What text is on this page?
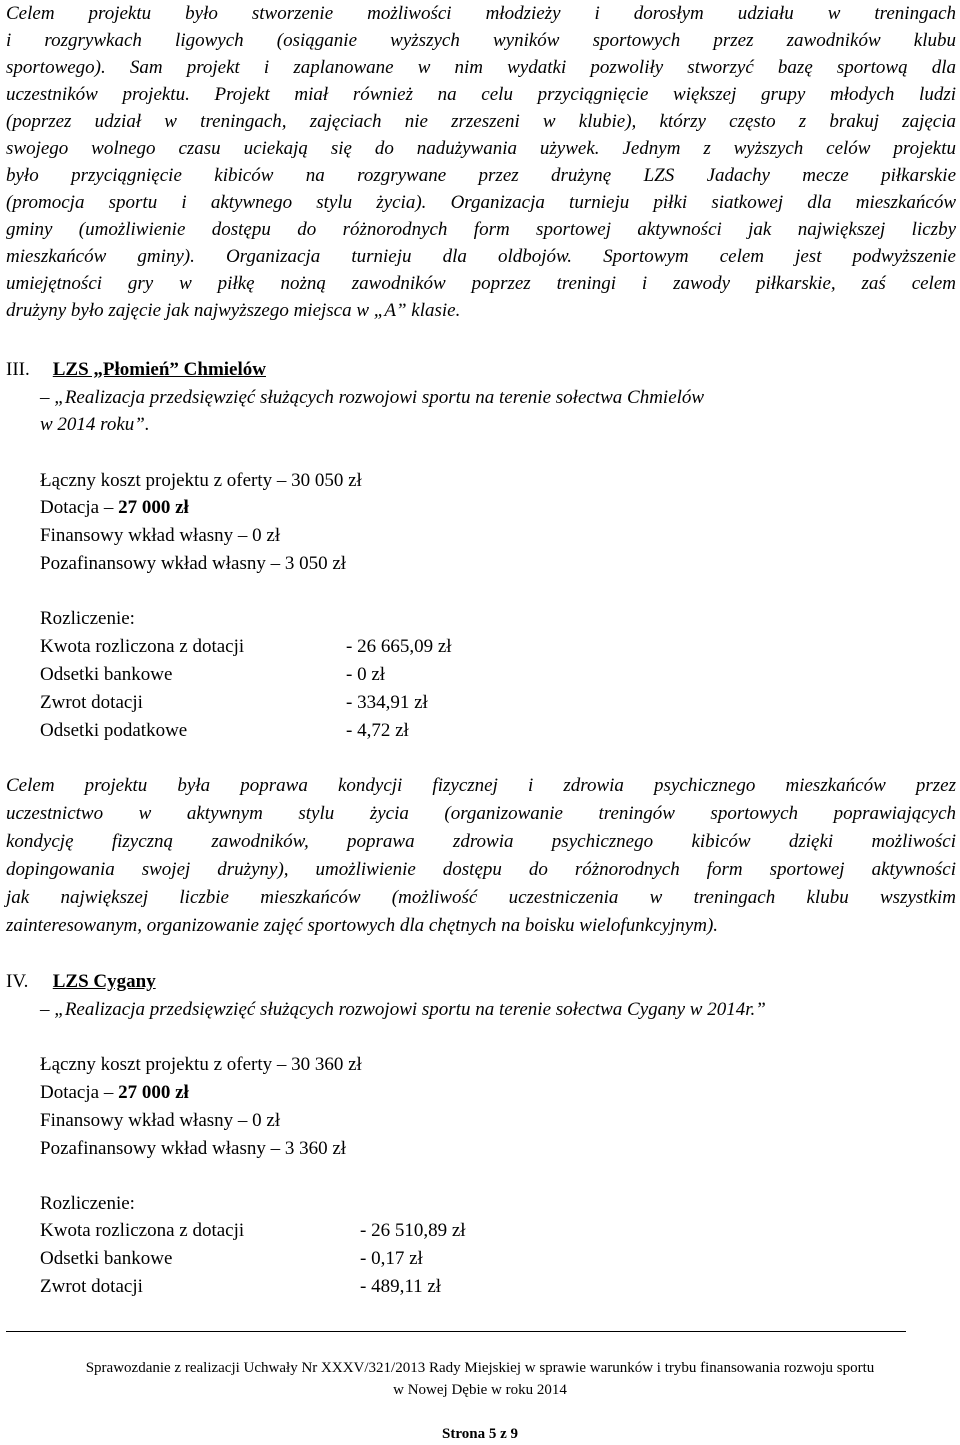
Celem projektu było stworzenie możliwości młodzieży i dorosłym udziału w treningach
i rozgrywkach ligowych (osiąganie wyższych wyników sportowych przez zawodników klubu
sportowego). Sam projekt i zaplanowane w nim wydatki pozwoliły stworzyć bazę sportową dla
uczestników projektu. Projekt miał również na celu przyciągnięcie większej grupy młodych ludzi
(poprzez udział w treningach, zajęciach nie zrzeszeni w klubie), którzy często z brakuj zajęcia
swojego wolnego czasu uciekają się do nadużywania używek. Jednym z wyższych celów projektu
było przyciągnięcie kibiców na rozgrywane przez drużynę LZS Jadachy mecze piłkarskie
(promocja sportu i aktywnego stylu życia). Organizacja turnieju piłki siatkowej dla mieszkańców
gminy (umożliwienie dostępu do różnorodnych form sportowej aktywności jak największej liczby
mieszkańców gminy). Organizacja turnieju dla oldbojów. Sportowym celem jest podwyższenie
umiejętności gry w piłkę nożną zawodników poprzez treningi i zawody piłkarskie, zaś celem
drużyny było zajęcie jak najwyższego miejsca w „A” klasie.
III. LZS „Płomień” Chmielów
– „Realizacja przedsięwzięć służących rozwojowi sportu na terenie sołectwa Chmielów
w 2014 roku”.
Łączny koszt projektu z oferty – 30 050 zł
Dotacja – 27 000 zł
Finansowy wkład własny – 0 zł
Pozafinansowy wkład własny – 3 050 zł
Rozliczenie:
Kwota rozliczona z dotacji	- 26 665,09 zł
Odsetki bankowe	- 0 zł
Zwrot dotacji	- 334,91 zł
Odsetki podatkowe	- 4,72 zł
Celem projektu była poprawa kondycji fizycznej i zdrowia psychicznego mieszkańców przez
uczestnictwo w aktywnym stylu życia (organizowanie treningów sportowych poprawiających
kondycję fizyczną zawodników, poprawa zdrowia psychicznego kibiców dzięki możliwości
dopingowania swojej drużyny), umożliwienie dostępu do różnorodnych form sportowej aktywności
jak największej liczbie mieszkańców (możliwość uczestniczenia w treningach klubu wszystkim
zainteresowanym, organizowanie zajęć sportowych dla chętnych na boisku wielofunkcyjnym).
IV. LZS Cygany
– „Realizacja przedsięwzięć służących rozwojowi sportu na terenie sołectwa Cygany w 2014r.”
Łączny koszt projektu z oferty – 30 360 zł
Dotacja – 27 000 zł
Finansowy wkład własny – 0 zł
Pozafinansowy wkład własny – 3 360 zł
Rozliczenie:
Kwota rozliczona z dotacji	- 26 510,89 zł
Odsetki bankowe	- 0,17 zł
Zwrot dotacji	- 489,11 zł
Sprawozdanie z realizacji Uchwały Nr XXXV/321/2013 Rady Miejskiej w sprawie warunków i trybu finansowania rozwoju sportu
w Nowej Dębie w roku 2014
Strona 5 z 9
